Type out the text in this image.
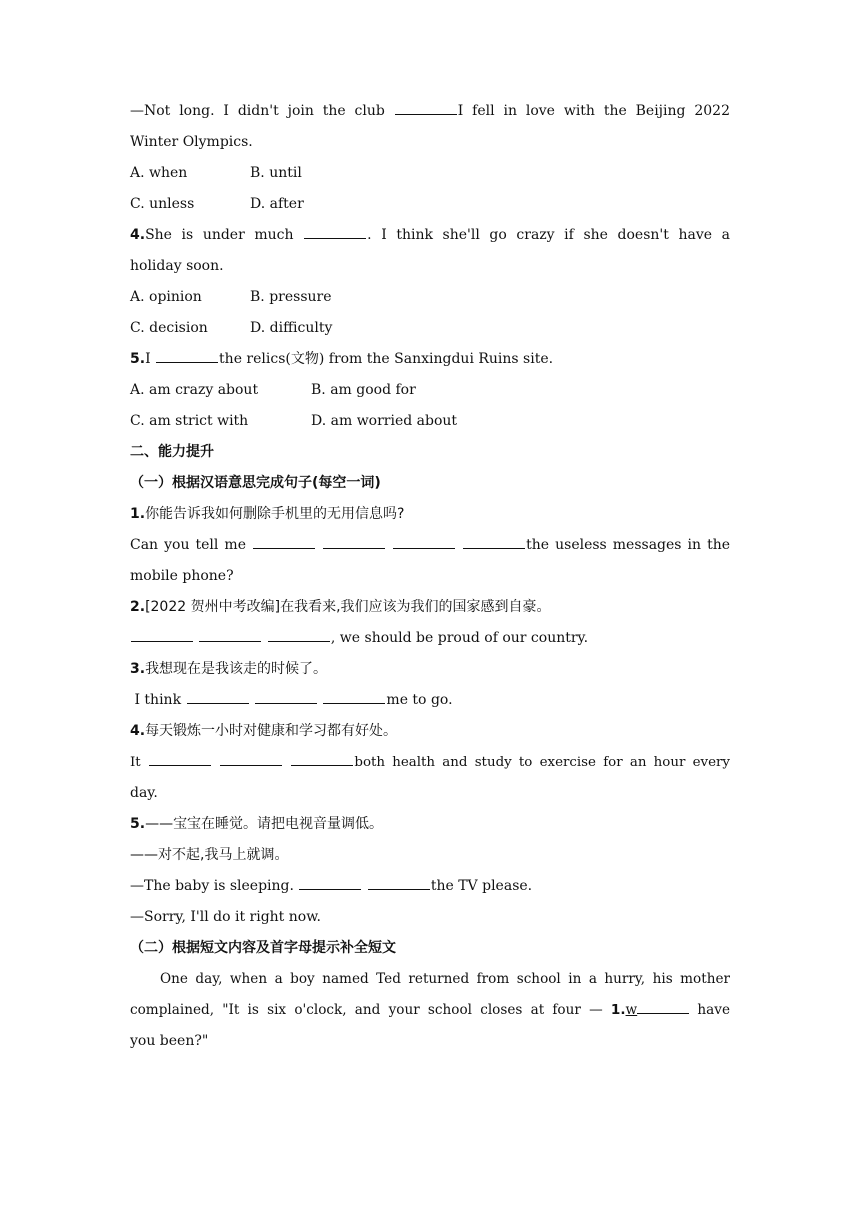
—Not long. I didn't join the club	I fell in love with the Beijing 2022
Winter Olympics.
A. when	B. until
C. unless	D. after
4.She is under much	. I think she'll go crazy if she doesn't have a
holiday soon.
A. opinion	B. pressure
C. decision	D. difficulty
5.I	the relics(文物) from the Sanxingdui Ruins site.
A. am crazy about	B. am good for
C. am strict with	D. am worried about
二、能力提升
（一）根据汉语意思完成句子(每空一词)
1.你能告诉我如何删除手机里的无用信息吗?
Can you tell me	the useless messages in the
mobile phone?
2.[2022 贺州中考改编]在我看来,我们应该为我们的国家感到自豪。
, we should be proud of our country.
3.我想现在是我该走的时候了。
I think	me to go.
4.每天锻炼一小时对健康和学习都有好处。
It	both health and study to exercise for an hour every
day.
5.——宝宝在睡觉。请把电视音量调低。
——对不起,我马上就调。
—The baby is sleeping.	the TV please.
—Sorry, I'll do it right now.
（二）根据短文内容及首字母提示补全短文
One day, when a boy named Ted returned from school in a hurry, his mother
complained, "It is six o'clock, and your school closes at four — 1.w	have
you been?"
